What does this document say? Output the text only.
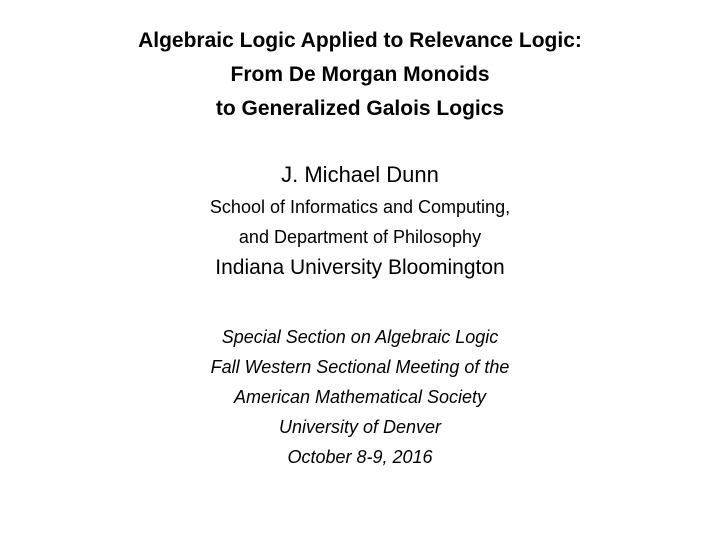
Algebraic Logic Applied to Relevance Logic:
From De Morgan Monoids
to Generalized Galois Logics
J. Michael Dunn
School of Informatics and Computing,
and Department of Philosophy
Indiana University Bloomington
Special Section on Algebraic Logic
Fall Western Sectional Meeting of the
American Mathematical Society
University of Denver
October 8-9, 2016
